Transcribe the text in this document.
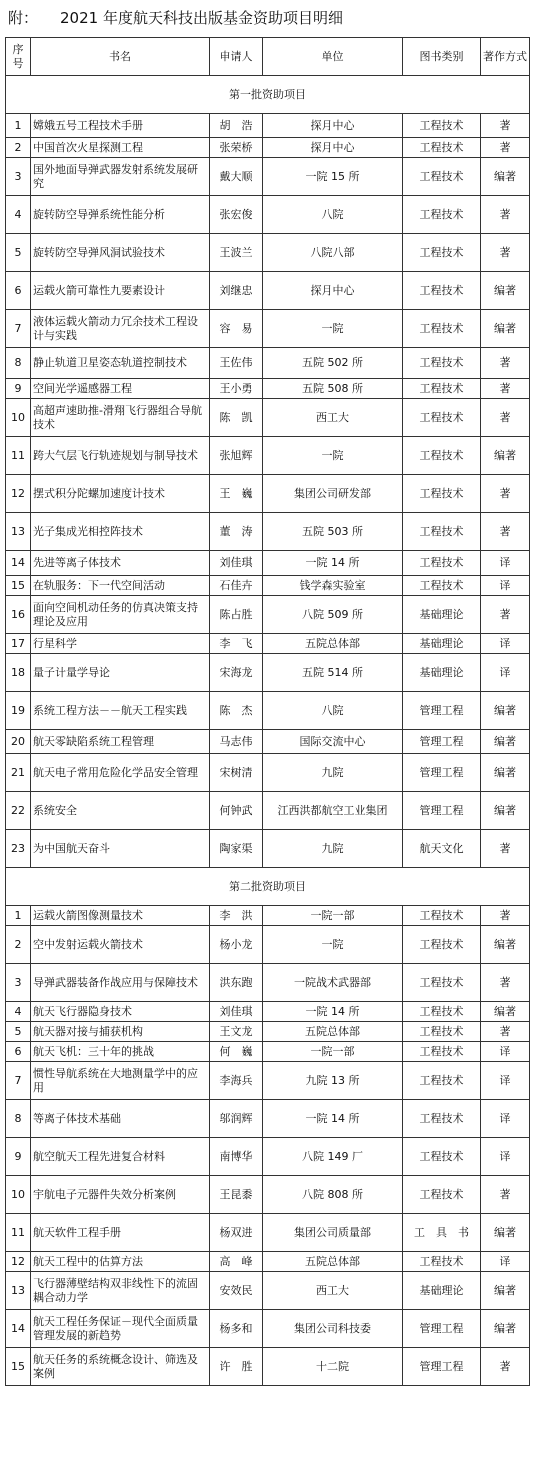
附： 2021 年度航天科技出版基金资助项目明细
序号	书名	申请人	单位	图书类别	著作方式
第一批资助项目					
1	嫦娥五号工程技术手册	胡　浩	探月中心	工程技术	著
2	中国首次火星探测工程	张荣桥	探月中心	工程技术	著
3	国外地面导弹武器发射系统发展研究	戴大顺	一院 15 所	工程技术	编著
4	旋转防空导弹系统性能分析	张宏俊	八院	工程技术	著
5	旋转防空导弹风洞试验技术	王波兰	八院八部	工程技术	著
6	运载火箭可靠性九要素设计	刘继忠	探月中心	工程技术	编著
7	液体运载火箭动力冗余技术工程设计与实践	容　易	一院	工程技术	编著
8	静止轨道卫星姿态轨道控制技术	王佐伟	五院 502 所	工程技术	著
9	空间光学遥感器工程	王小勇	五院 508 所	工程技术	著
10	高超声速助推-滑翔飞行器组合导航技术	陈　凯	西工大	工程技术	著
11	跨大气层飞行轨迹规划与制导技术	张旭辉	一院	工程技术	编著
12	摆式积分陀螺加速度计技术	王　巍	集团公司研发部	工程技术	著
13	光子集成光相控阵技术	董　涛	五院 503 所	工程技术	著
14	先进等离子体技术	刘佳琪	一院 14 所	工程技术	译
15	在轨服务：下一代空间活动	石佳卉	钱学森实验室	工程技术	译
16	面向空间机动任务的仿真决策支持理论及应用	陈占胜	八院 509 所	基础理论	著
17	行星科学	李　飞	五院总体部	基础理论	译
18	量子计量学导论	宋海龙	五院 514 所	基础理论	译
19	系统工程方法－－航天工程实践	陈　杰	八院	管理工程	编著
20	航天零缺陷系统工程管理	马志伟	国际交流中心	管理工程	编著
21	航天电子常用危险化学品安全管理	宋树清	九院	管理工程	编著
22	系统安全	何钟武	江西洪都航空工业集团	管理工程	编著
23	为中国航天奋斗	陶家渠	九院	航天文化	著
第二批资助项目					
1	运载火箭图像测量技术	李　洪	一院一部	工程技术	著
2	空中发射运载火箭技术	杨小龙	一院	工程技术	编著
3	导弹武器装备作战应用与保障技术	洪东跑	一院战术武器部	工程技术	著
4	航天飞行器隐身技术	刘佳琪	一院 14 所	工程技术	编著
5	航天器对接与捕获机构	王文龙	五院总体部	工程技术	著
6	航天飞机：三十年的挑战	何　巍	一院一部	工程技术	译
7	惯性导航系统在大地测量学中的应用	李海兵	九院 13 所	工程技术	译
8	等离子体技术基础	邬润辉	一院 14 所	工程技术	译
9	航空航天工程先进复合材料	南博华	八院 149 厂	工程技术	译
10	宇航电子元器件失效分析案例	王昆黍	八院 808 所	工程技术	著
11	航天软件工程手册	杨双进	集团公司质量部	工　具　书	编著
12	航天工程中的估算方法	高　峰	五院总体部	工程技术	译
13	飞行器薄壁结构双非线性下的流固耦合动力学	安效民	西工大	基础理论	编著
14	航天工程任务保证－现代全面质量管理发展的新趋势	杨多和	集团公司科技委	管理工程	编著
15	航天任务的系统概念设计、筛选及案例	许　胜	十二院	管理工程	著
